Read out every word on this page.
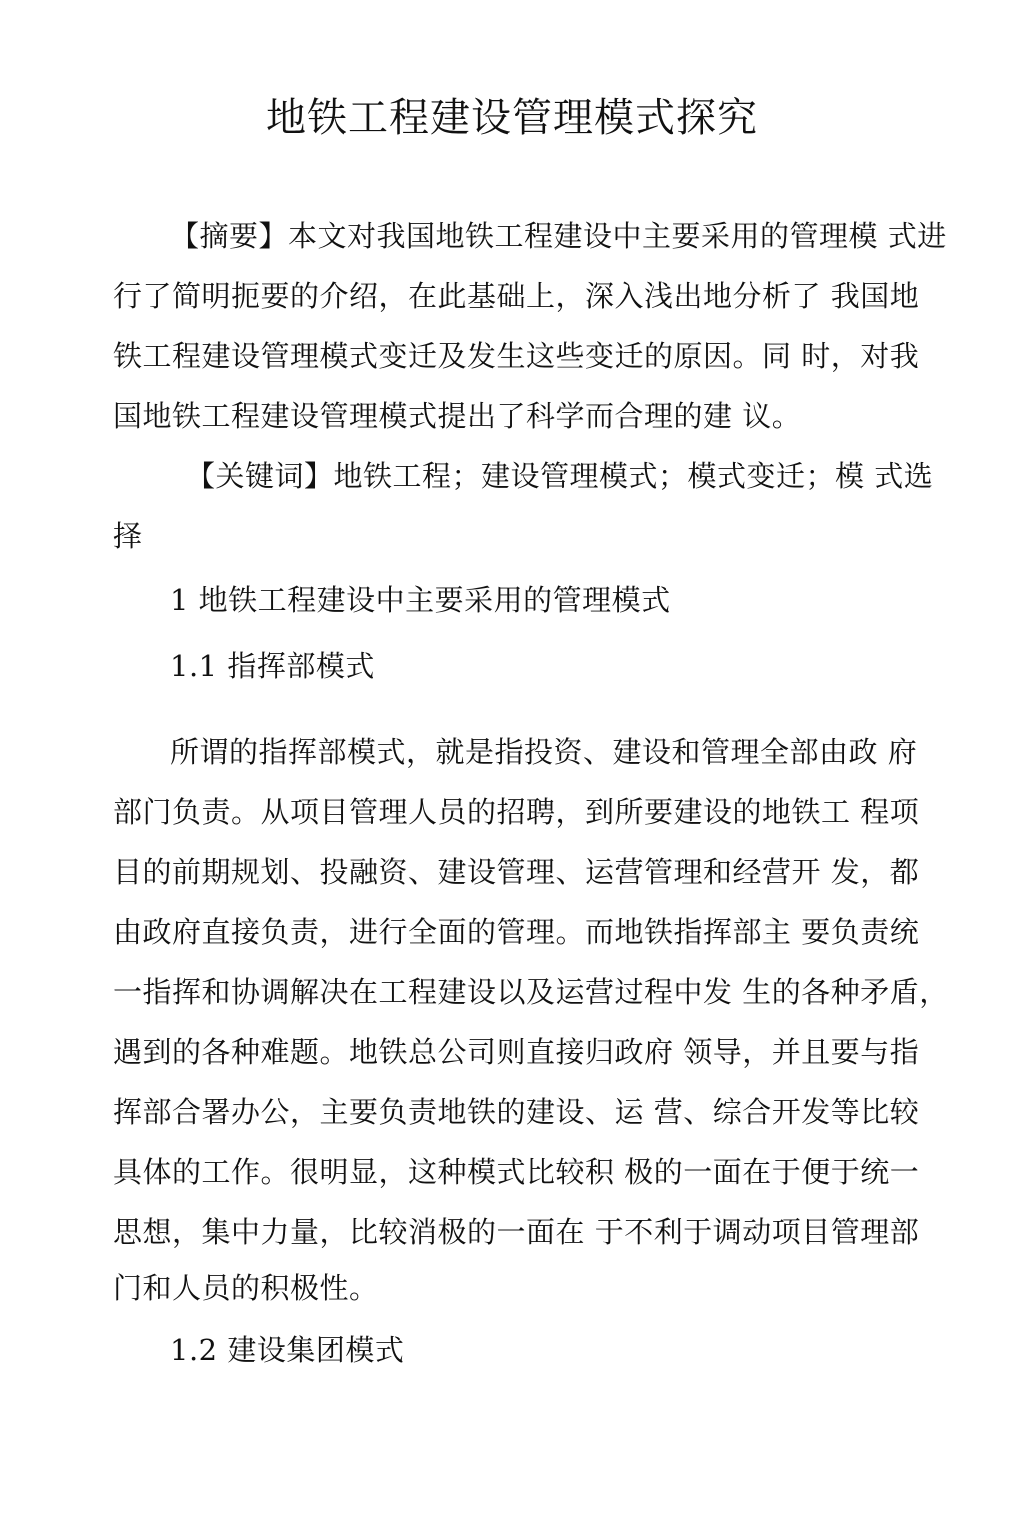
地铁工程建设管理模式探究

【摘要】本文对我国地铁工程建设中主要采用的管理模 式进

行了简明扼要的介绍，在此基础上，深入浅出地分析了 我国地

铁工程建设管理模式变迁及发生这些变迁的原因。同 时，对我

国地铁工程建设管理模式提出了科学而合理的建 议。

【关键词】地铁工程；建设管理模式；模式变迁；模 式选

择

1 地铁工程建设中主要采用的管理模式

1.1 指挥部模式

所谓的指挥部模式，就是指投资、建设和管理全部由政 府

部门负责。从项目管理人员的招聘，到所要建设的地铁工 程项

目的前期规划、投融资、建设管理、运营管理和经营开 发，都

由政府直接负责，进行全面的管理。而地铁指挥部主 要负责统

一指挥和协调解决在工程建设以及运营过程中发 生的各种矛盾，

遇到的各种难题。地铁总公司则直接归政府 领导，并且要与指

挥部合署办公，主要负责地铁的建设、运 营、综合开发等比较

具体的工作。很明显，这种模式比较积 极的一面在于便于统一

思想，集中力量，比较消极的一面在 于不利于调动项目管理部

门和人员的积极性。

1.2 建设集团模式
